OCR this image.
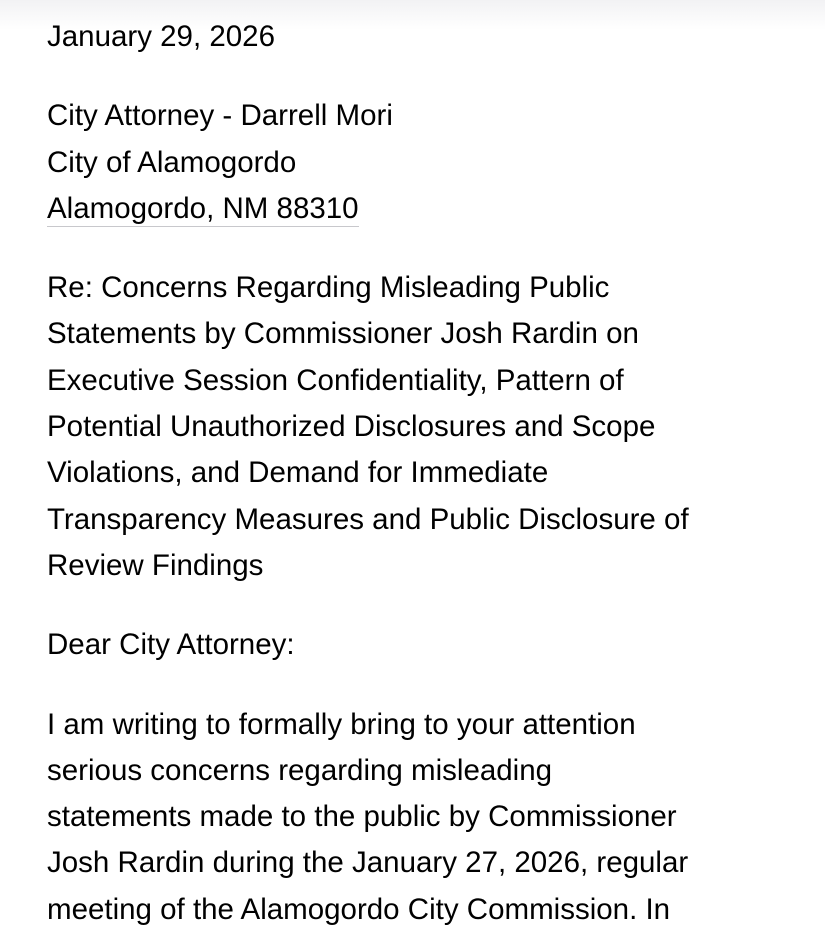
January 29, 2026
City Attorney - Darrell Mori
City of Alamogordo
Alamogordo, NM 88310
Re: Concerns Regarding Misleading Public
Statements by Commissioner Josh Rardin on
Executive Session Confidentiality, Pattern of
Potential Unauthorized Disclosures and Scope
Violations, and Demand for Immediate
Transparency Measures and Public Disclosure of
Review Findings
Dear City Attorney:
I am writing to formally bring to your attention
serious concerns regarding misleading
statements made to the public by Commissioner
Josh Rardin during the January 27, 2026, regular
meeting of the Alamogordo City Commission. In
